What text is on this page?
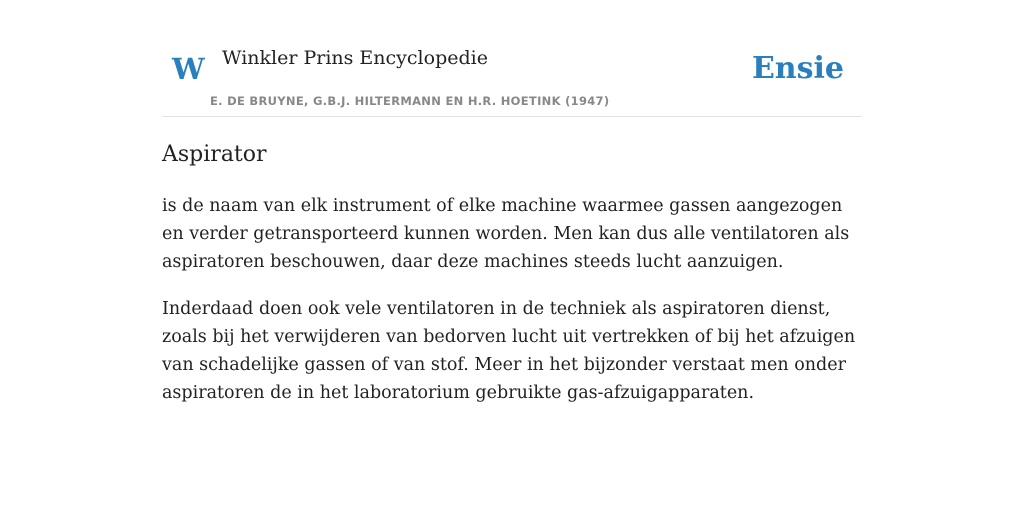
W Winkler Prins Encyclopedie
E. DE BRUYNE, G.B.J. HILTERMANN EN H.R. HOETINK (1947)
Ensie
Aspirator

is de naam van elk instrument of elke machine waarmee gassen aangezogen en verder getransporteerd kunnen worden. Men kan dus alle ventilatoren als aspiratoren beschouwen, daar deze machines steeds lucht aanzuigen.

Inderdaad doen ook vele ventilatoren in de techniek als aspiratoren dienst, zoals bij het verwijderen van bedorven lucht uit vertrekken of bij het afzuigen van schadelijke gassen of van stof. Meer in het bijzonder verstaat men onder aspiratoren de in het laboratorium gebruikte gas-afzuigapparaten.
